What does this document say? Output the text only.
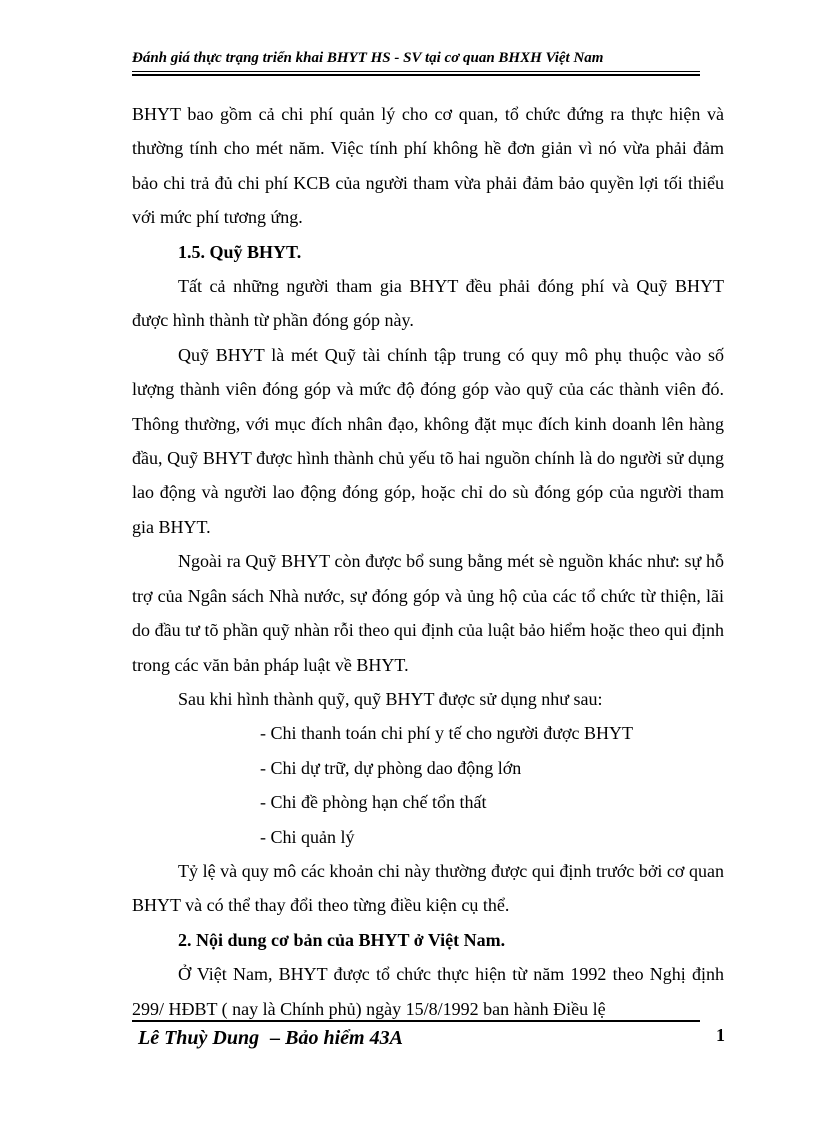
Đánh giá thực trạng triển khai BHYT HS - SV tại cơ quan BHXH Việt Nam

BHYT bao gồm cả chi phí quản lý cho cơ quan, tổ chức đứng ra thực hiện và thường tính cho mét năm. Việc tính phí không hề đơn giản vì nó vừa phải đảm bảo chi trả đủ chi phí KCB của người tham vừa phải đảm bảo quyền lợi tối thiểu với mức phí tương ứng.

1.5. Quỹ BHYT.

Tất cả những người tham gia BHYT đều phải đóng phí và Quỹ BHYT được hình thành từ phần đóng góp này.

Quỹ BHYT là mét Quỹ tài chính tập trung có quy mô phụ thuộc vào số lượng thành viên đóng góp và mức độ đóng góp vào quỹ của các thành viên đó. Thông thường, với mục đích nhân đạo, không đặt mục đích kinh doanh lên hàng đầu, Quỹ BHYT được hình thành chủ yếu tõ hai nguồn chính là do người sử dụng lao động và người lao động đóng góp, hoặc chỉ do sù đóng góp của người tham gia BHYT.

Ngoài ra Quỹ BHYT còn được bổ sung bằng mét sè nguồn khác như: sự hỗ trợ của Ngân sách Nhà nước, sự đóng góp và ủng hộ của các tổ chức từ thiện, lãi do đầu tư tõ phần quỹ nhàn rỗi theo qui định của luật bảo hiểm hoặc theo qui định trong các văn bản pháp luật về BHYT.

Sau khi hình thành quỹ, quỹ BHYT được sử dụng như sau:

- Chi thanh toán chi phí y tế cho người được BHYT

- Chi dự trữ, dự phòng dao động lớn

- Chi đề phòng hạn chế tổn thất

- Chi quản lý

Tỷ lệ và quy mô các khoản chi này thường được qui định trước bởi cơ quan BHYT và có thể thay đổi theo từng điều kiện cụ thể.

2. Nội dung cơ bản của BHYT ở Việt Nam.

Ở Việt Nam, BHYT được tổ chức thực hiện từ năm 1992 theo Nghị định 299/ HĐBT ( nay là Chính phủ) ngày 15/8/1992 ban hành Điều lệ

Lê Thuỳ Dung – Bảo hiểm 43A	1
